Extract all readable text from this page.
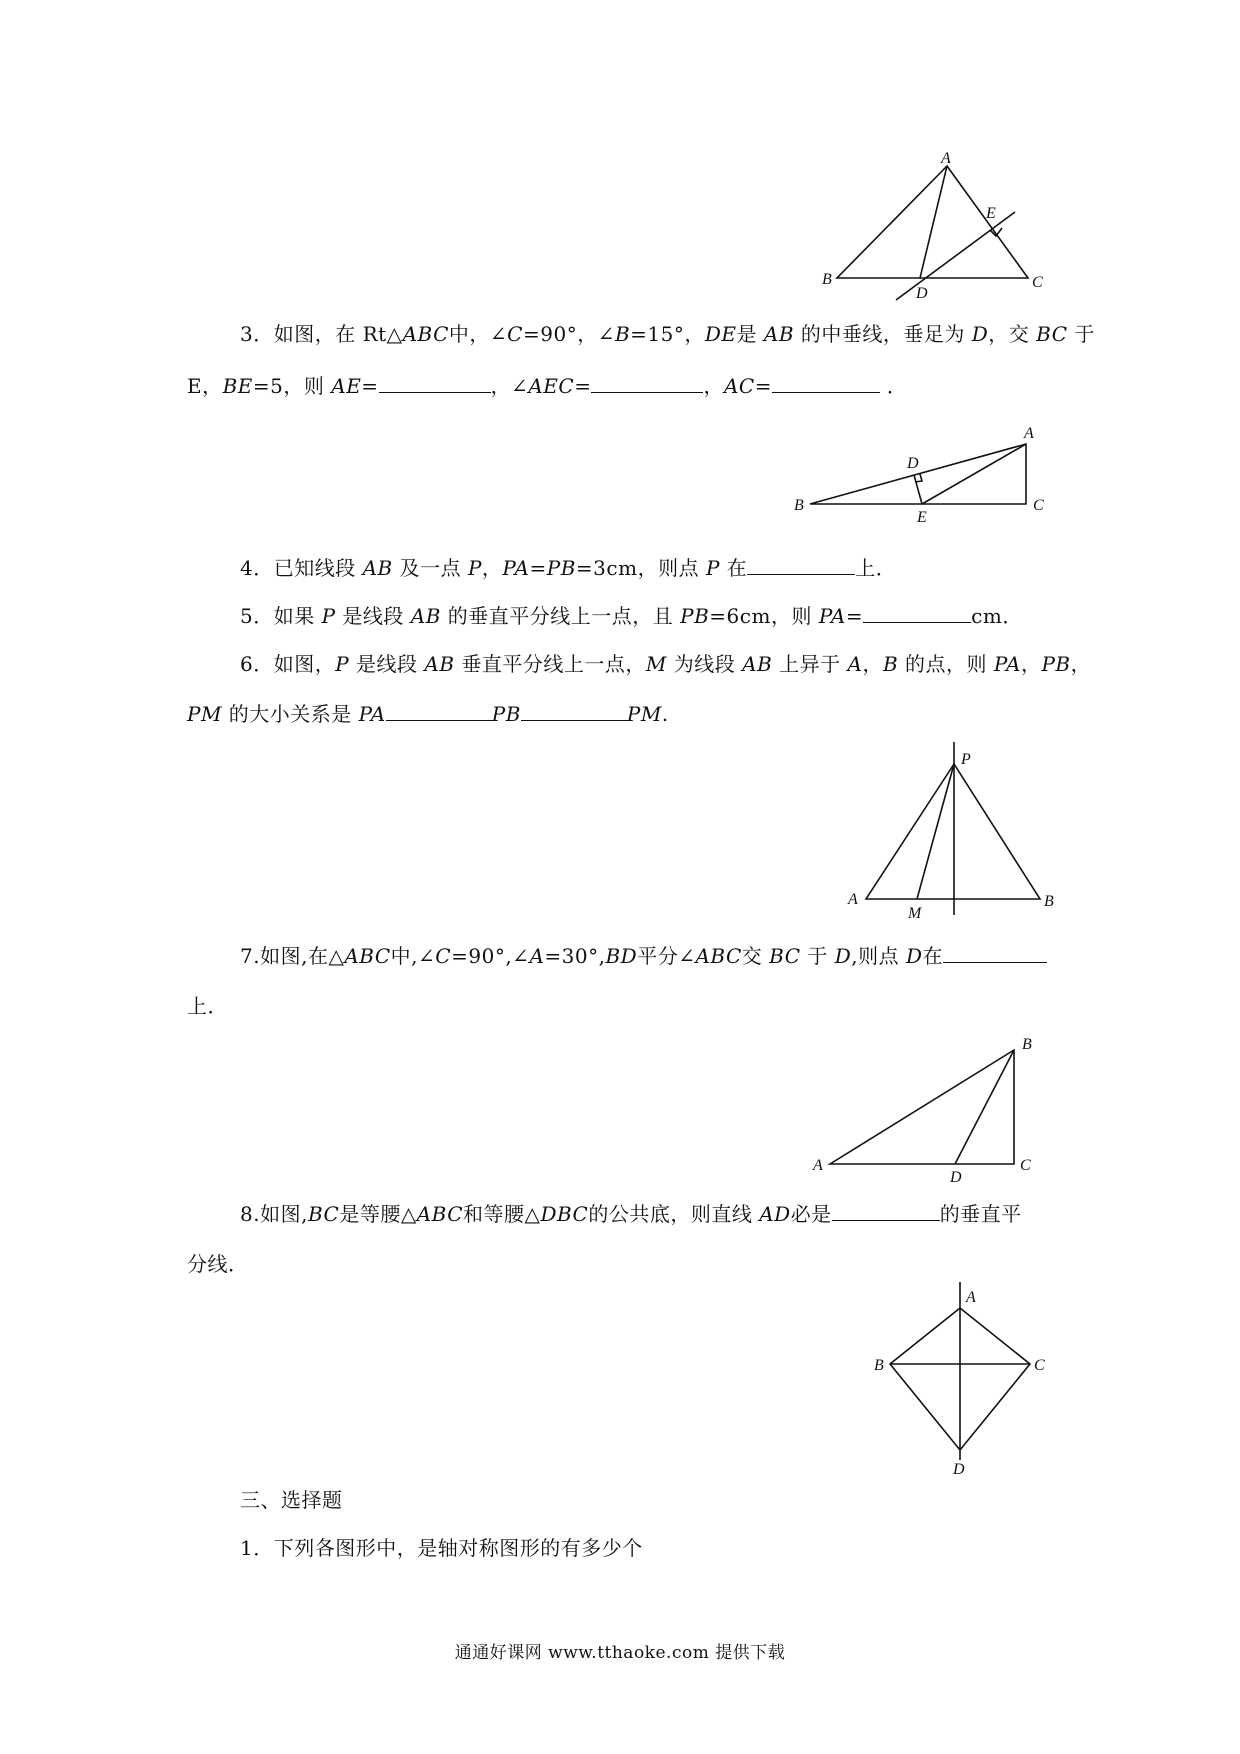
A
E
B
D
C
3．如图，在 Rt△ABC中，∠C=90°，∠B=15°，DE是 AB 的中垂线，垂足为 D，交 BC 于
E，BE=5，则 AE=	，∠AEC=	，AC=	．
A
D
B
E
C
4．已知线段 AB 及一点 P，PA=PB=3cm，则点 P 在	上．
5．如果 P 是线段 AB 的垂直平分线上一点，且 PB=6cm，则 PA=	cm．
6．如图，P 是线段 AB 垂直平分线上一点，M 为线段 AB 上异于 A，B 的点，则 PA，PB，
PM 的大小关系是 PA	PB	PM.
P
A
M
B
7.如图,在△ABC中,∠C=90°,∠A=30°,BD平分∠ABC交 BC 于 D,则点 D在
上．
B
A
D
C
8.如图,BC是等腰△ABC和等腰△DBC的公共底，则直线 AD必是	的垂直平
分线．
A
B	C
D
三、选择题
1．下列各图形中，是轴对称图形的有多少个
通通好课网 www.tthaoke.com 提供下载
